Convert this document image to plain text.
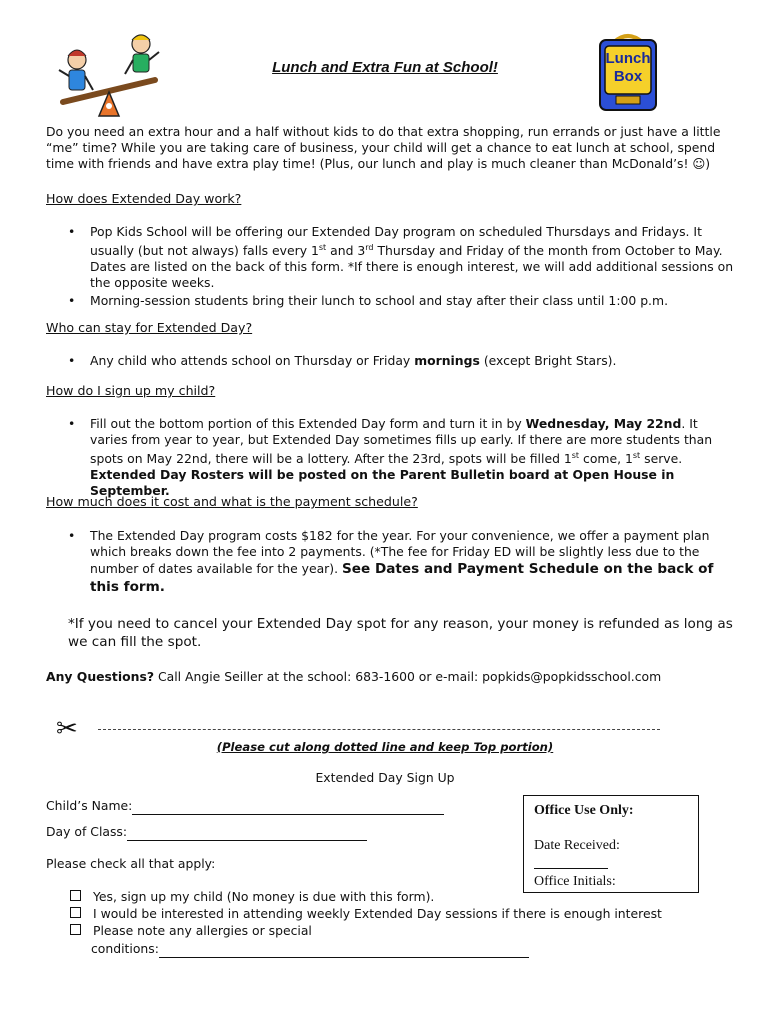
Lunch
Box
Lunch and Extra Fun at School!
Do you need an extra hour and a half without kids to do that extra shopping, run errands or just have a little “me” time? While you are taking care of business, your child will get a chance to eat lunch at school, spend time with friends and have extra play time! (Plus, our lunch and play is much cleaner than McDonald’s! ☺)
How does Extended Day work?
• Pop Kids School will be offering our Extended Day program on scheduled Thursdays and Fridays. It usually (but not always) falls every 1st and 3rd Thursday and Friday of the month from October to May. Dates are listed on the back of this form. *If there is enough interest, we will add additional sessions on the opposite weeks.
• Morning-session students bring their lunch to school and stay after their class until 1:00 p.m.
Who can stay for Extended Day?
• Any child who attends school on Thursday or Friday mornings (except Bright Stars).
How do I sign up my child?
• Fill out the bottom portion of this Extended Day form and turn it in by Wednesday, May 22nd. It varies from year to year, but Extended Day sometimes fills up early. If there are more students than spots on May 22nd, there will be a lottery. After the 23rd, spots will be filled 1st come, 1st serve. Extended Day Rosters will be posted on the Parent Bulletin board at Open House in September.
How much does it cost and what is the payment schedule?
• The Extended Day program costs $182 for the year. For your convenience, we offer a payment plan which breaks down the fee into 2 payments. (*The fee for Friday ED will be slightly less due to the number of dates available for the year). See Dates and Payment Schedule on the back of this form.
*If you need to cancel your Extended Day spot for any reason, your money is refunded as long as we can fill the spot.
Any Questions? Call Angie Seiller at the school: 683-1600 or e-mail: popkids@popkidsschool.com
✂
(Please cut along dotted line and keep Top portion)
Extended Day Sign Up
Child’s Name:
Day of Class:
Please check all that apply:
Yes, sign up my child (No money is due with this form).
I would be interested in attending weekly Extended Day sessions if there is enough interest
Please note any allergies or special
conditions:
Office Use Only:
Date Received:
Office Initials:
